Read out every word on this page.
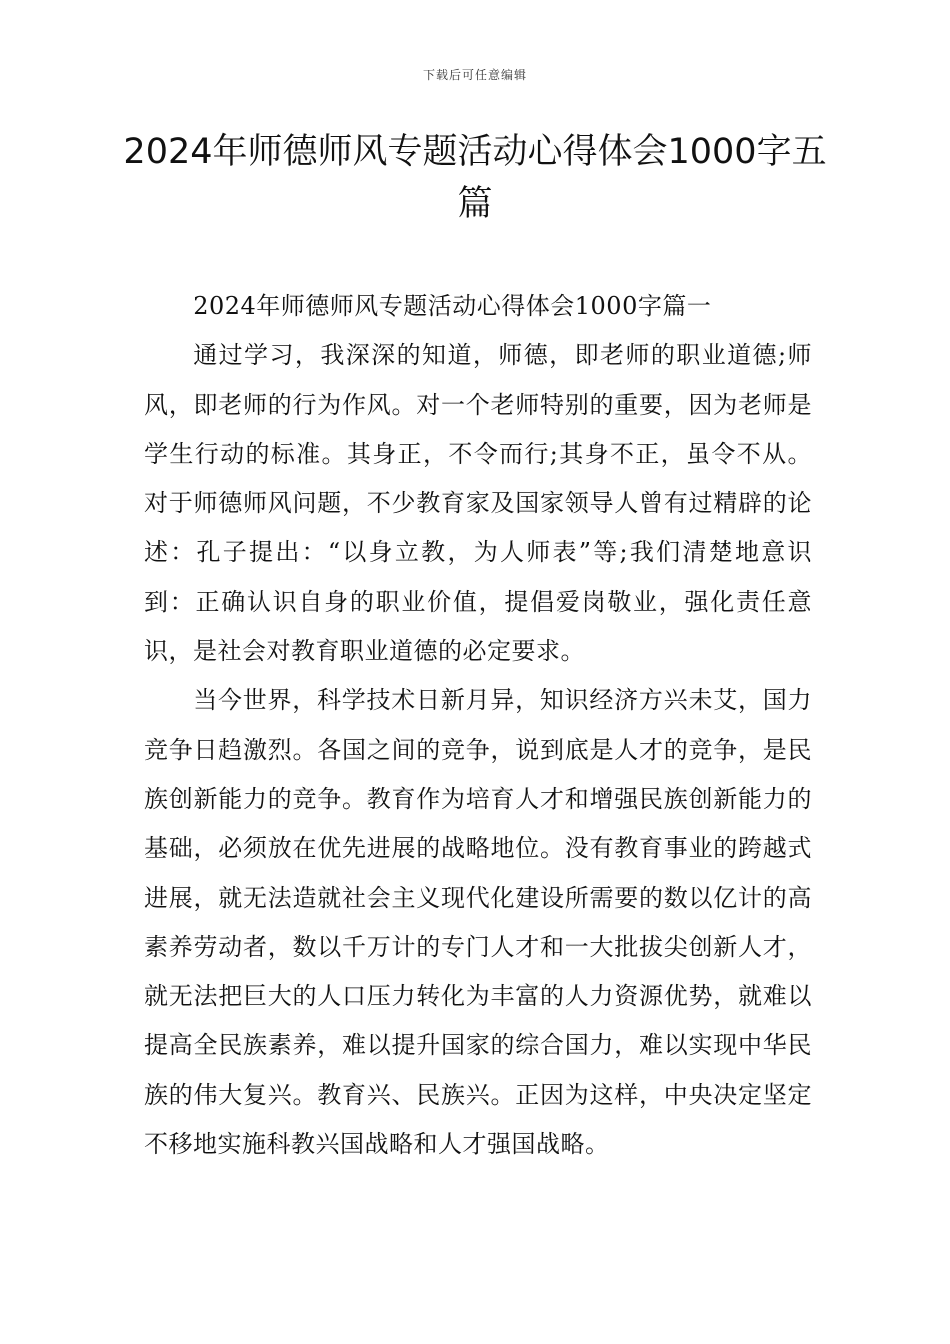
下载后可任意编辑
2024年师德师风专题活动心得体会1000字五篇

2024年师德师风专题活动心得体会1000字篇一

通过学习，我深深的知道，师德，即老师的职业道德;师风，即老师的行为作风。对一个老师特别的重要，因为老师是学生行动的标准。其身正，不令而行;其身不正，虽令不从。对于师德师风问题，不少教育家及国家领导人曾有过精辟的论述：孔子提出：“以身立教，为人师表”等;我们清楚地意识到：正确认识自身的职业价值，提倡爱岗敬业，强化责任意识，是社会对教育职业道德的必定要求。

当今世界，科学技术日新月异，知识经济方兴未艾，国力竞争日趋激烈。各国之间的竞争，说到底是人才的竞争，是民族创新能力的竞争。教育作为培育人才和增强民族创新能力的基础，必须放在优先进展的战略地位。没有教育事业的跨越式进展，就无法造就社会主义现代化建设所需要的数以亿计的高素养劳动者，数以千万计的专门人才和一大批拔尖创新人才，就无法把巨大的人口压力转化为丰富的人力资源优势，就难以提高全民族素养，难以提升国家的综合国力，难以实现中华民族的伟大复兴。教育兴、民族兴。正因为这样，中央决定坚定不移地实施科教兴国战略和人才强国战略。
